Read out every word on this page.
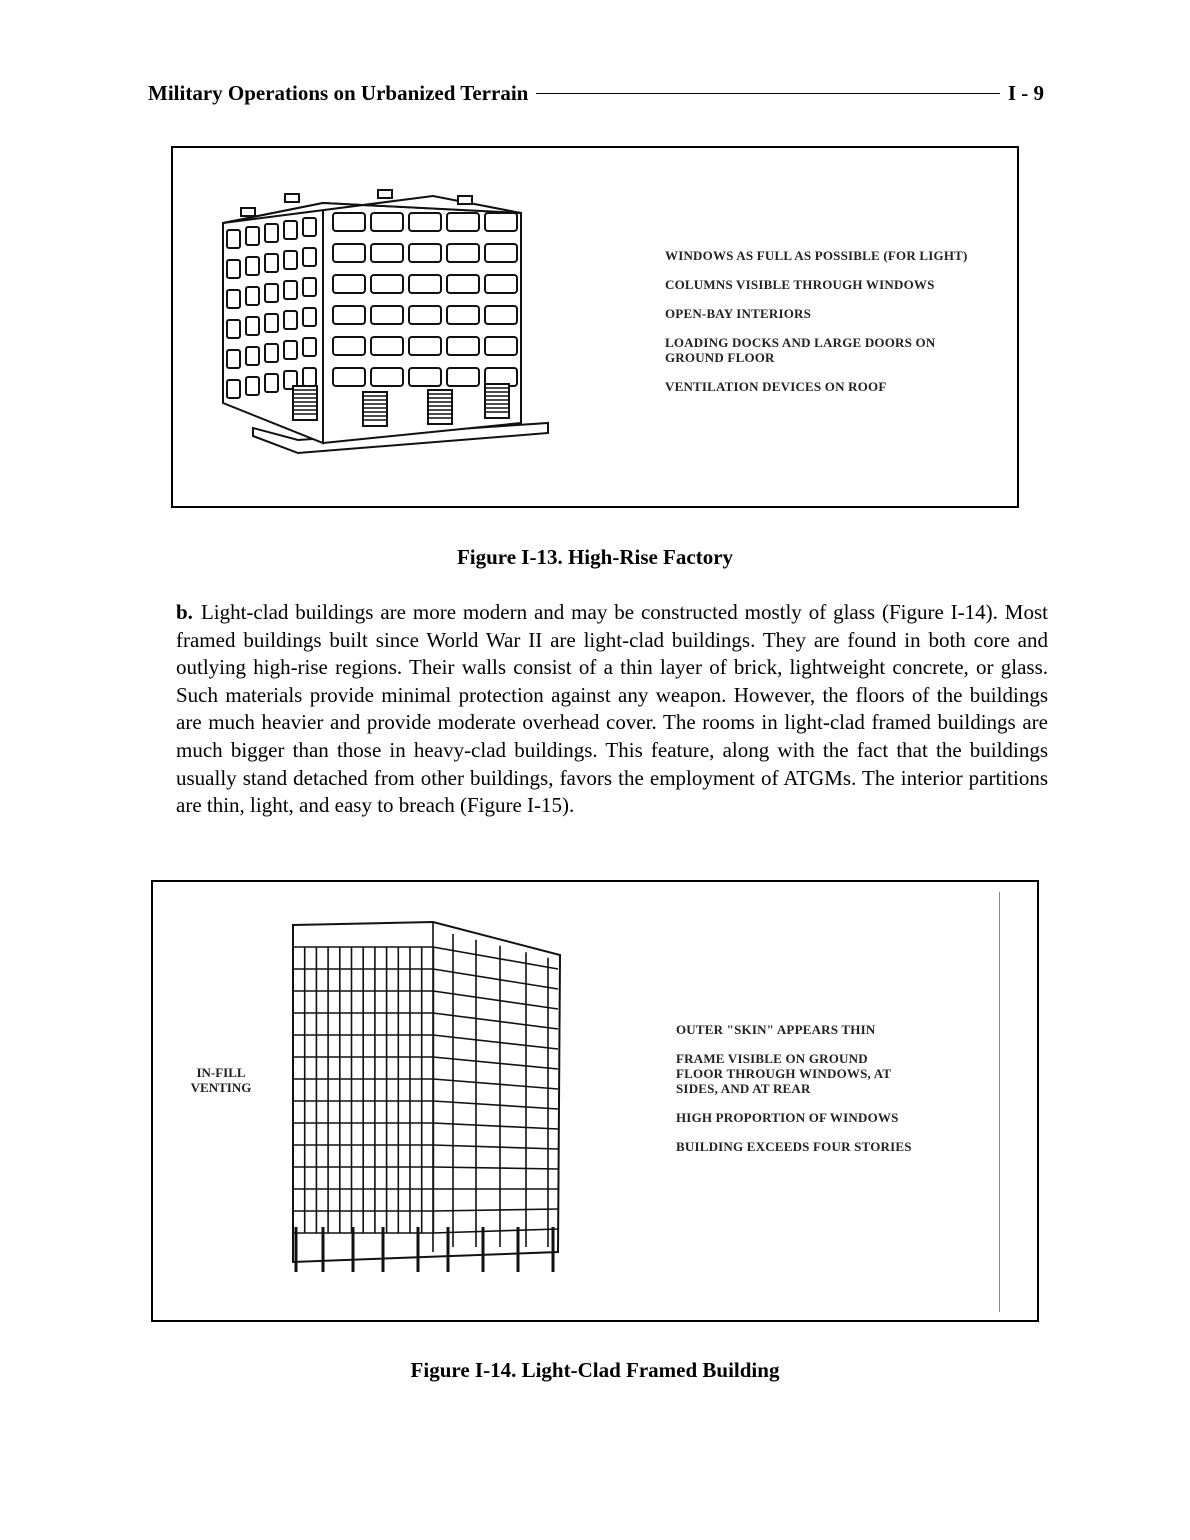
Military Operations on Urbanized Terrain	I - 9
WINDOWS AS FULL AS POSSIBLE (FOR LIGHT)
COLUMNS VISIBLE THROUGH WINDOWS
OPEN-BAY INTERIORS
LOADING DOCKS AND LARGE DOORS ON GROUND FLOOR
VENTILATION DEVICES ON ROOF
Figure I-13. High-Rise Factory
b. Light-clad buildings are more modern and may be constructed mostly of glass (Figure I-14). Most framed buildings built since World War II are light-clad buildings. They are found in both core and outlying high-rise regions. Their walls consist of a thin layer of brick, lightweight concrete, or glass. Such materials provide minimal protection against any weapon. However, the floors of the buildings are much heavier and provide moderate overhead cover. The rooms in light-clad framed buildings are much bigger than those in heavy-clad buildings. This feature, along with the fact that the buildings usually stand detached from other buildings, favors the employment of ATGMs. The interior partitions are thin, light, and easy to breach (Figure I-15).
IN-FILL
VENTING
OUTER "SKIN" APPEARS THIN
FRAME VISIBLE ON GROUND FLOOR THROUGH WINDOWS, AT SIDES, AND AT REAR
HIGH PROPORTION OF WINDOWS
BUILDING EXCEEDS FOUR STORIES
Figure I-14. Light-Clad Framed Building
